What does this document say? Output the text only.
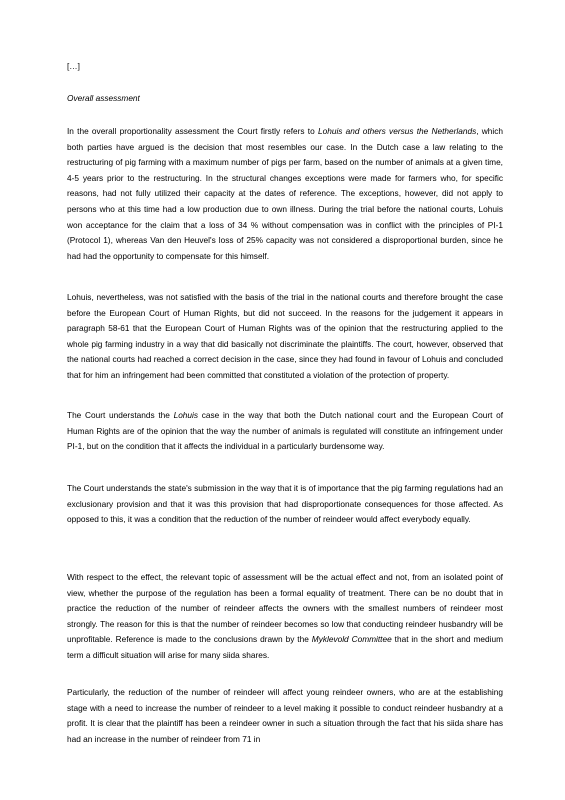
[…]
Overall assessment

In the overall proportionality assessment the Court firstly refers to Lohuis and others versus the Netherlands, which both parties have argued is the decision that most resembles our case. In the Dutch case a law relating to the restructuring of pig farming with a maximum number of pigs per farm, based on the number of animals at a given time, 4-5 years prior to the restructuring. In the structural changes exceptions were made for farmers who, for specific reasons, had not fully utilized their capacity at the dates of reference. The exceptions, however, did not apply to persons who at this time had a low production due to own illness. During the trial before the national courts, Lohuis won acceptance for the claim that a loss of 34 % without compensation was in conflict with the principles of PI-1 (Protocol 1), whereas Van den Heuvel's loss of 25% capacity was not considered a disproportional burden, since he had had the opportunity to compensate for this himself.

Lohuis, nevertheless, was not satisfied with the basis of the trial in the national courts and therefore brought the case before the European Court of Human Rights, but did not succeed. In the reasons for the judgement it appears in paragraph 58-61 that the European Court of Human Rights was of the opinion that the restructuring applied to the whole pig farming industry in a way that did basically not discriminate the plaintiffs. The court, however, observed that the national courts had reached a correct decision in the case, since they had found in favour of Lohuis and concluded that for him an infringement had been committed that constituted a violation of the protection of property.

The Court understands the Lohuis case in the way that both the Dutch national court and the European Court of Human Rights are of the opinion that the way the number of animals is regulated will constitute an infringement under PI-1, but on the condition that it affects the individual in a particularly burdensome way.

The Court understands the state's submission in the way that it is of importance that the pig farming regulations had an exclusionary provision and that it was this provision that had disproportionate consequences for those affected. As opposed to this, it was a condition that the reduction of the number of reindeer would affect everybody equally.

With respect to the effect, the relevant topic of assessment will be the actual effect and not, from an isolated point of view, whether the purpose of the regulation has been a formal equality of treatment. There can be no doubt that in practice the reduction of the number of reindeer affects the owners with the smallest numbers of reindeer most strongly. The reason for this is that the number of reindeer becomes so low that conducting reindeer husbandry will be unprofitable. Reference is made to the conclusions drawn by the Myklevold Committee that in the short and medium term a difficult situation will arise for many siida shares.

Particularly, the reduction of the number of reindeer will affect young reindeer owners, who are at the establishing stage with a need to increase the number of reindeer to a level making it possible to conduct reindeer husbandry at a profit. It is clear that the plaintiff has been a reindeer owner in such a situation through the fact that his siida share has had an increase in the number of reindeer from 71 in
